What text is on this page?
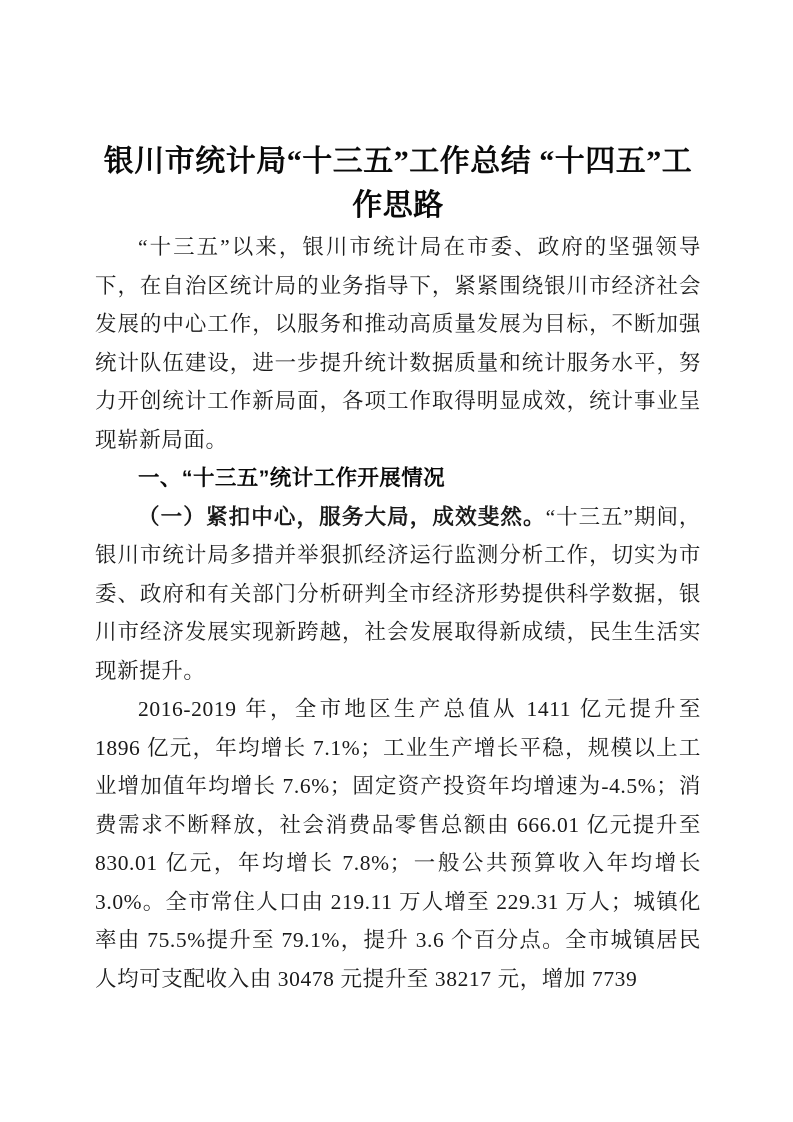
银川市统计局“十三五”工作总结 “十四五”工作思路

“十三五”以来，银川市统计局在市委、政府的坚强领导下，在自治区统计局的业务指导下，紧紧围绕银川市经济社会发展的中心工作，以服务和推动高质量发展为目标，不断加强统计队伍建设，进一步提升统计数据质量和统计服务水平，努力开创统计工作新局面，各项工作取得明显成效，统计事业呈现崭新局面。

一、“十三五”统计工作开展情况

（一）紧扣中心，服务大局，成效斐然。“十三五”期间，银川市统计局多措并举狠抓经济运行监测分析工作，切实为市委、政府和有关部门分析研判全市经济形势提供科学数据，银川市经济发展实现新跨越，社会发展取得新成绩，民生生活实现新提升。

2016-2019 年，全市地区生产总值从 1411 亿元提升至 1896 亿元，年均增长 7.1%；工业生产增长平稳，规模以上工业增加值年均增长 7.6%；固定资产投资年均增速为-4.5%；消费需求不断释放，社会消费品零售总额由 666.01 亿元提升至 830.01 亿元，年均增长 7.8%；一般公共预算收入年均增长 3.0%。全市常住人口由 219.11 万人增至 229.31 万人；城镇化率由 75.5%提升至 79.1%，提升 3.6 个百分点。全市城镇居民人均可支配收入由 30478 元提升至 38217 元，增加 7739
